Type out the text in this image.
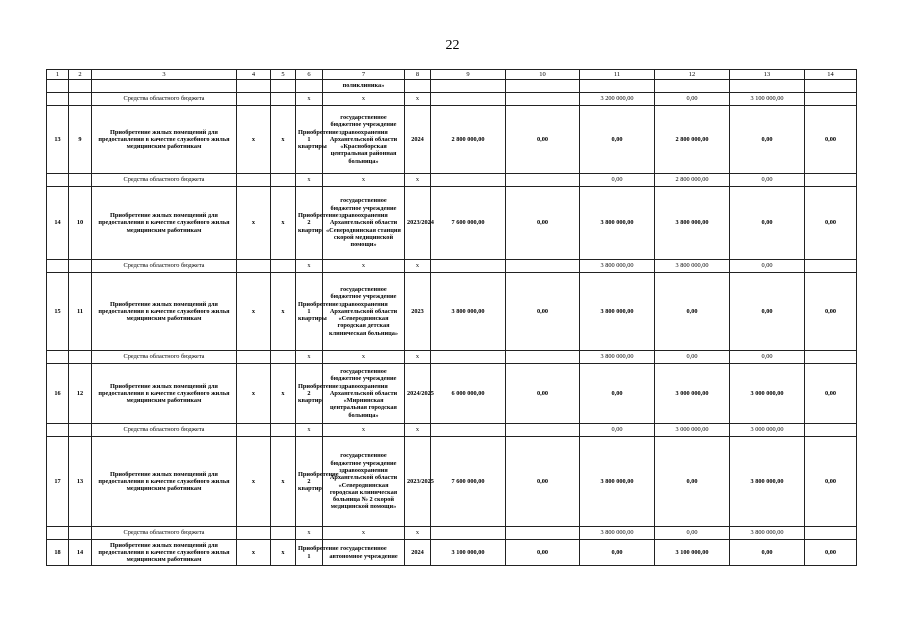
22
1	2	3	4	5	6	7	8	9	10	11	12	13	14
						поликлиника»							
		Средства областного бюджета			х	х	х			3 200 000,00	0,00	3 100 000,00	
13	9	Приобретение жилых помещений для предоставления в качестве служебного жилья медицинским работникам	х	х	Приобретение 1 квартиры	государственное бюджетное учреждение здравоохранения Архангельской области «Красноборская центральная районная больница»	2024	2 800 000,00	0,00	0,00	2 800 000,00	0,00	0,00
		Средства областного бюджета			х	х	х			0,00	2 800 000,00	0,00	
14	10	Приобретение жилых помещений для предоставления в качестве служебного жилья медицинским работникам	х	х	Приобретение 2 квартир	государственное бюджетное учреждение здравоохранения Архангельской области «Северодвинская станция скорой медицинской помощи»	2023/2024	7 600 000,00	0,00	3 800 000,00	3 800 000,00	0,00	0,00
		Средства областного бюджета			х	х	х			3 800 000,00	3 800 000,00	0,00	
15	11	Приобретение жилых помещений для предоставления в качестве служебного жилья медицинским работникам	х	х	Приобретение 1 квартиры	государственное бюджетное учреждение здравоохранения Архангельской области «Северодвинская городская детская клиническая больница»	2023	3 800 000,00	0,00	3 800 000,00	0,00	0,00	0,00
		Средства областного бюджета			х	х	х			3 800 000,00	0,00	0,00	
16	12	Приобретение жилых помещений для предоставления в качестве служебного жилья медицинским работникам	х	х	Приобретение 2 квартир	государственное бюджетное учреждение здравоохранения Архангельской области «Мирнинская центральная городская больница»	2024/2025	6 000 000,00	0,00	0,00	3 000 000,00	3 000 000,00	0,00
		Средства областного бюджета			х	х	х			0,00	3 000 000,00	3 000 000,00	
17	13	Приобретение жилых помещений для предоставления в качестве служебного жилья медицинским работникам	х	х	Приобретение 2 квартир	государственное бюджетное учреждение здравоохранения Архангельской области «Северодвинская городская клиническая больница № 2 скорой медицинской помощи»	2023/2025	7 600 000,00	0,00	3 800 000,00	0,00	3 800 000,00	0,00
		Средства областного бюджета			х	х	х			3 800 000,00	0,00	3 800 000,00	
18	14	Приобретение жилых помещений для предоставления в качестве служебного жилья медицинским работникам	х	х	Приобретение 1	государственное автономное учреждение	2024	3 100 000,00	0,00	0,00	3 100 000,00	0,00	0,00
